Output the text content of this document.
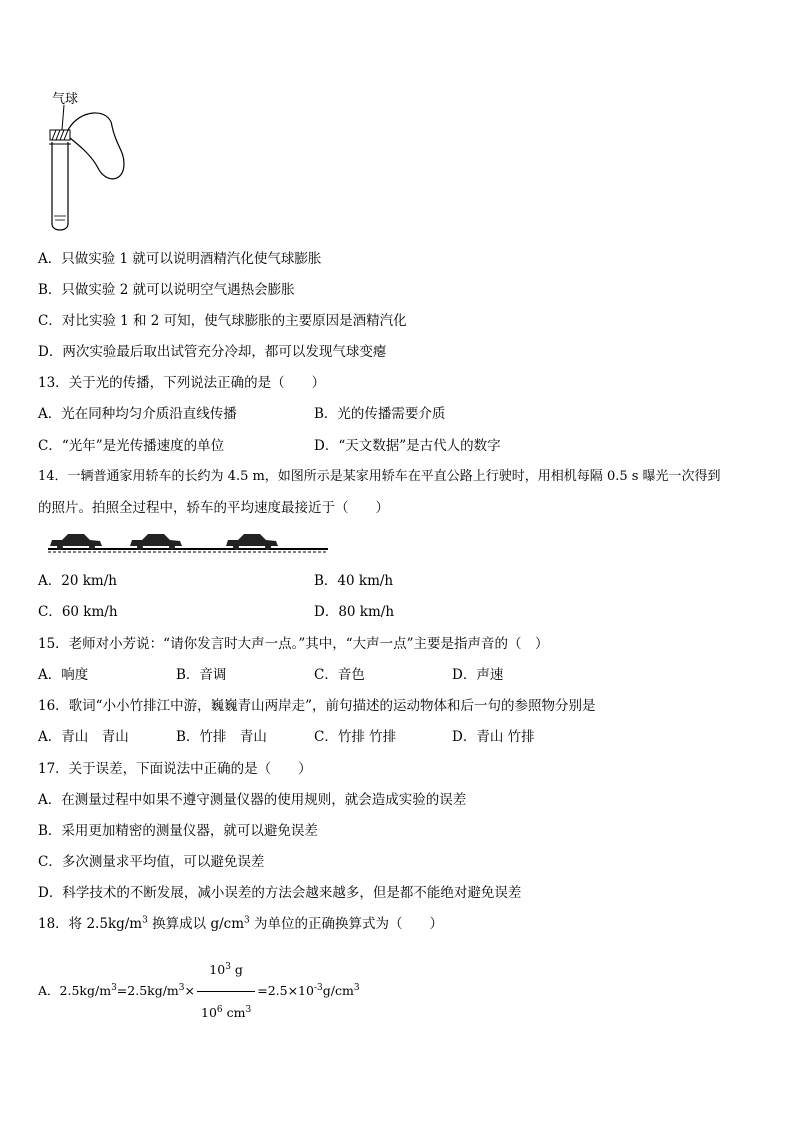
气球
A．只做实验 1 就可以说明酒精汽化使气球膨胀
B．只做实验 2 就可以说明空气遇热会膨胀
C．对比实验 1 和 2 可知，使气球膨胀的主要原因是酒精汽化
D．两次实验最后取出试管充分冷却，都可以发现气球变瘪
13．关于光的传播，下列说法正确的是（　　）
A．光在同种均匀介质沿直线传播	B．光的传播需要介质
C．“光年”是光传播速度的单位	D．“天文数据”是古代人的数字
14．一辆普通家用轿车的长约为 4.5 m，如图所示是某家用轿车在平直公路上行驶时，用相机每隔 0.5 s 曝光一次得到
的照片。拍照全过程中，轿车的平均速度最接近于（　　）
A．20 km/h	B．40 km/h
C．60 km/h	D．80 km/h
15．老师对小芳说：“请你发言时大声一点。”其中，“大声一点”主要是指声音的（　）
A．响度	B．音调	C．音色	D．声速
16．歌词“小小竹排江中游，巍巍青山两岸走”，前句描述的运动物体和后一句的参照物分别是
A．青山　青山	B．竹排　青山	C．竹排 竹排	D．青山 竹排
17．关于误差，下面说法中正确的是（　　）
A．在测量过程中如果不遵守测量仪器的使用规则，就会造成实验的误差
B．采用更加精密的测量仪器，就可以避免误差
C．多次测量求平均值，可以避免误差
D．科学技术的不断发展，减小误差的方法会越来越多，但是都不能绝对避免误差
18．将 $2.5kg/m^3$ 换算成以 $g/cm^3$ 为单位的正确换算式为（　　）
A．$2.5kg/m^3=2.5kg/m^3\times \frac{10^3 g}{10^6 cm^3} =2.5\times 10^{-3}g/cm^3$
